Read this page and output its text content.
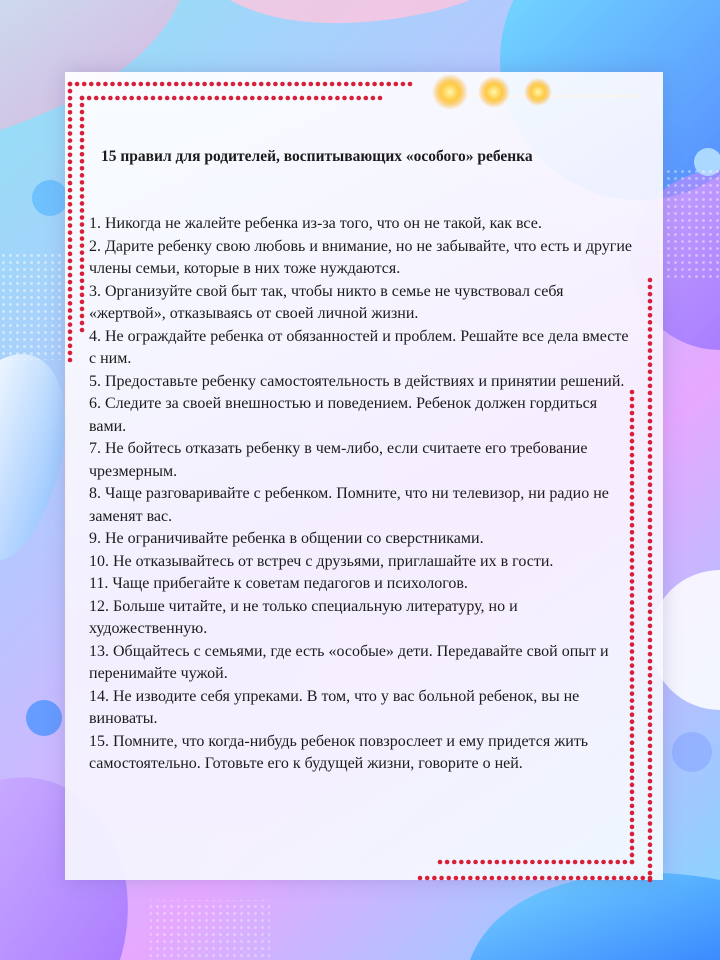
15 правил для родителей, воспитывающих «особого» ребенка
1. Никогда не жалейте ребенка из-за того, что он не такой, как все.
2. Дарите ребенку свою любовь и внимание, но не забывайте, что есть и другие члены семьи, которые в них тоже нуждаются.
3. Организуйте свой быт так, чтобы никто в семье не чувствовал себя «жертвой», отказываясь от своей личной жизни.
4. Не ограждайте ребенка от обязанностей и проблем. Решайте все дела вместе с ним.
5. Предоставьте ребенку самостоятельность в действиях и принятии решений.
6. Следите за своей внешностью и поведением. Ребенок должен гордиться вами.
7. Не бойтесь отказать ребенку в чем-либо, если считаете его требование чрезмерным.
8. Чаще разговаривайте с ребенком. Помните, что ни телевизор, ни радио не заменят вас.
9. Не ограничивайте ребенка в общении со сверстниками.
10. Не отказывайтесь от встреч с друзьями, приглашайте их в гости.
11. Чаще прибегайте к советам педагогов и психологов.
12. Больше читайте, и не только специальную литературу, но и художественную.
13. Общайтесь с семьями, где есть «особые» дети. Передавайте свой опыт и перенимайте чужой.
14. Не изводите себя упреками. В том, что у вас больной ребенок, вы не виноваты.
15. Помните, что когда-нибудь ребенок повзрослеет и ему придется жить самостоятельно. Готовьте его к будущей жизни, говорите о ней.
